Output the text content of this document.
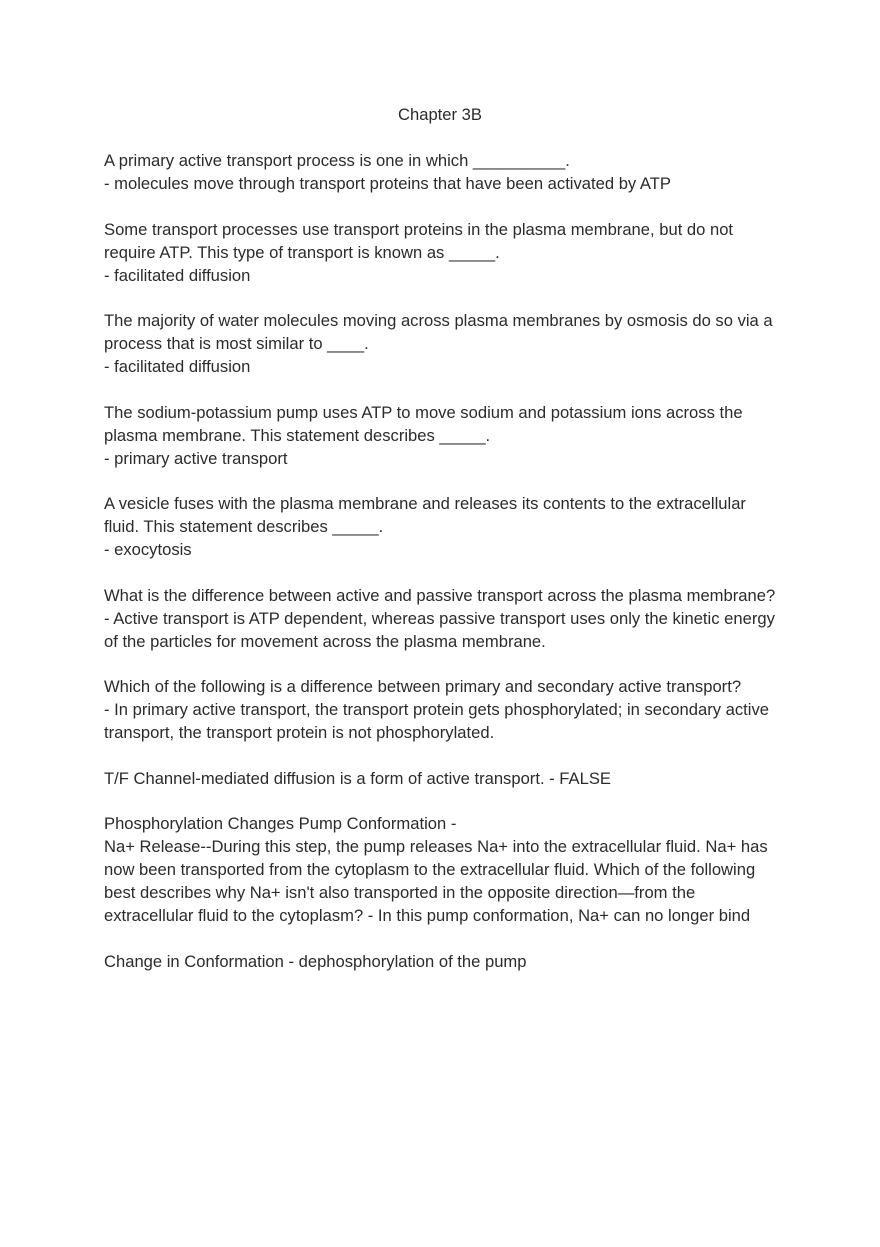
Chapter 3B

A primary active transport process is one in which __________.

- molecules move through transport proteins that have been activated by ATP

Some transport processes use transport proteins in the plasma membrane, but do not require ATP. This type of transport is known as _____.

- facilitated diffusion

The majority of water molecules moving across plasma membranes by osmosis do so via a process that is most similar to ____.

- facilitated diffusion

The sodium-potassium pump uses ATP to move sodium and potassium ions across the plasma membrane. This statement describes _____.

- primary active transport

A vesicle fuses with the plasma membrane and releases its contents to the extracellular fluid. This statement describes _____.

- exocytosis

What is the difference between active and passive transport across the plasma membrane?

- Active transport is ATP dependent, whereas passive transport uses only the kinetic energy of the particles for movement across the plasma membrane.

Which of the following is a difference between primary and secondary active transport?

- In primary active transport, the transport protein gets phosphorylated; in secondary active transport, the transport protein is not phosphorylated.

T/F Channel-mediated diffusion is a form of active transport. - FALSE

Phosphorylation Changes Pump Conformation -

Na+ Release--During this step, the pump releases Na+ into the extracellular fluid. Na+ has now been transported from the cytoplasm to the extracellular fluid. Which of the following best describes why Na+ isn't also transported in the opposite direction—from the extracellular fluid to the cytoplasm? - In this pump conformation, Na+ can no longer bind

Change in Conformation - dephosphorylation of the pump
